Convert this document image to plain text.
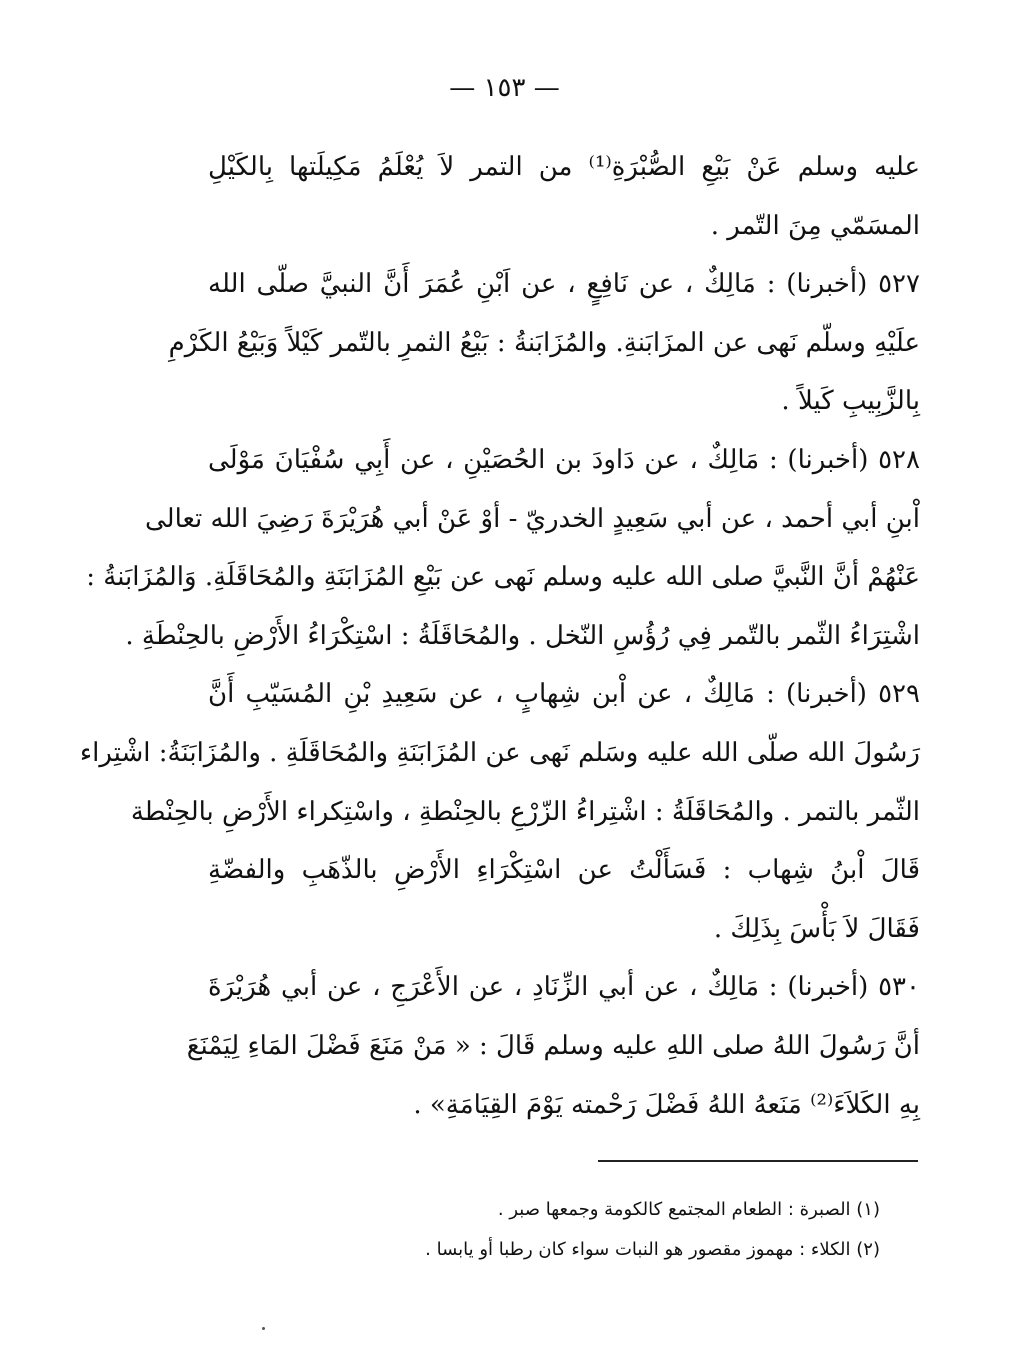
— ١٥٣ —
عليه وسلم عَنْ بَيْعِ الصُّبْرَةِ⁽¹⁾ من التمر لاَ يُعْلَمُ مَكِيلَتها بِالكَيْلِ
المسَمّي مِنَ التّمر .
٥٢٧ (أخبرنا) : مَالِكٌ ، عن نَافِعٍ ، عن اَبْنِ عُمَرَ أَنَّ النبيَّ صلّى الله
علَيْهِ وسلّم نَهى عن المزَابَنةِ. والمُزَابَنةُ : بَيْعُ الثمرِ بالتّمر كَيْلاً وَبَيْعُ الكَرْمِ
بِالزَّبِيبِ كَيلاً .
٥٢٨ (أخبرنا) : مَالِكٌ ، عن دَاودَ بن الحُصَيْنِ ، عن أَبِي سُفْيَانَ مَوْلَى
اْبنِ أبي أحمد ، عن أبي سَعِيدٍ الخدريّ - أوْ عَنْ أبي هُرَيْرَةَ رَضِيَ الله تعالى
عَنْهُمْ أنَّ النَّبيَّ صلى الله عليه وسلم نَهى عن بَيْعِ المُزَابَنَةِ والمُحَاقَلَةِ. وَالمُزَابَنةُ :
اشْتِرَاءُ الثّمر بالتّمر فِي رُؤُسِ النّخل . والمُحَاقَلَةُ : اسْتِكْرَاءُ الأَرْضِ بالحِنْطَةِ .
٥٢٩ (أخبرنا) : مَالِكٌ ، عن اْبن شِهابٍ ، عن سَعِيدِ بْنِ المُسَيّبِ أَنَّ
رَسُولَ الله صلّى الله عليه وسَلم نَهى عن المُزَابَنَةِ والمُحَاقَلَةِ . والمُزَابَنَةُ: اشْتِراء
الثّمر بالتمر . والمُحَاقَلَةُ : اشْتِراءُ الزّرْعِ بالحِنْطةِ ، واسْتِكراء الأَرْضِ بالحِنْطة
قَالَ اْبنُ شِهاب : فَسَأَلْتُ عن اسْتِكْرَاءِ الأَرْضِ بالذّهَبِ والفضّةِ
فَقَالَ لاَ بَأْسَ بِذَلِكَ .
٥٣٠ (أخبرنا) : مَالِكٌ ، عن أبي الزِّنَادِ ، عن الأَعْرَجِ ، عن أبي هُرَيْرَةَ
أنَّ رَسُولَ اللهُ صلى اللهِ عليه وسلم قَالَ : « مَنْ مَنَعَ فَضْلَ المَاءِ لِيَمْنَعَ
بِهِ الكَلاَءَ⁽²⁾ مَنَعهُ اللهُ فَضْلَ رَحْمته يَوْمَ القِيَامَةِ» .
(١) الصبرة : الطعام المجتمع كالكومة وجمعها صبر .
(٢) الكلاء : مهموز مقصور هو النبات سواء كان رطبا أو يابسا .
